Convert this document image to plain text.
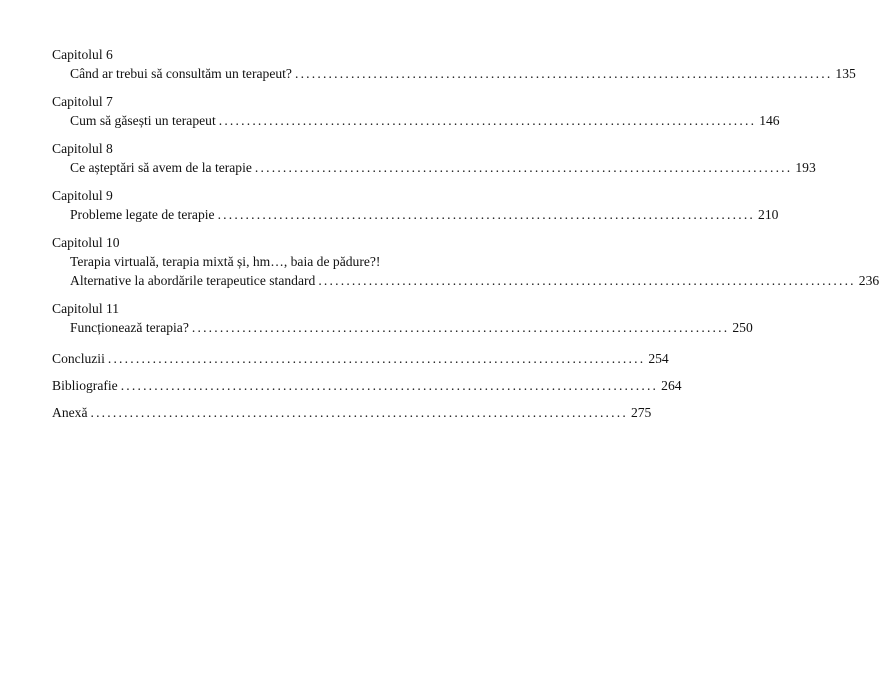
Capitolul 6
Când ar trebui să consultăm un terapeut? ................................................................................................ 135
Capitolul 7
Cum să găsești un terapeut ................................................................................................ 146
Capitolul 8
Ce așteptări să avem de la terapie ................................................................................................ 193
Capitolul 9
Probleme legate de terapie ................................................................................................ 210
Capitolul 10
Terapia virtuală, terapia mixtă și, hm…, baia de pădure?!
Alternative la abordările terapeutice standard ................................................................................................ 236
Capitolul 11
Funcționează terapia? ................................................................................................ 250
Concluzii ................................................................................................ 254
Bibliografie ................................................................................................ 264
Anexă ................................................................................................ 275
